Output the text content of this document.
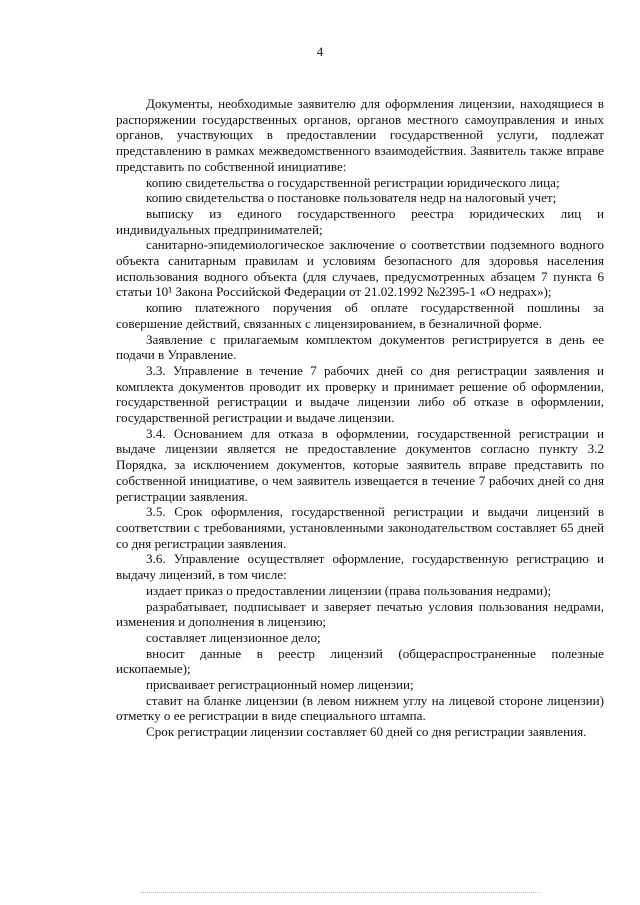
4

Документы, необходимые заявителю для оформления лицензии, находящиеся в распоряжении государственных органов, органов местного самоуправления и иных органов, участвующих в предоставлении государственной услуги, подлежат представлению в рамках межведомственного взаимодействия. Заявитель также вправе представить по собственной инициативе:

копию свидетельства о государственной регистрации юридического лица;

копию свидетельства о постановке пользователя недр на налоговый учет;

выписку из единого государственного реестра юридических лиц и индивидуальных предпринимателей;

санитарно-эпидемиологическое заключение о соответствии подземного водного объекта санитарным правилам и условиям безопасного для здоровья населения использования водного объекта (для случаев, предусмотренных абзацем 7 пункта 6 статьи 10¹ Закона Российской Федерации от 21.02.1992 №2395-1 «О недрах»);

копию платежного поручения об оплате государственной пошлины за совершение действий, связанных с лицензированием, в безналичной форме.

Заявление с прилагаемым комплектом документов регистрируется в день ее подачи в Управление.

3.3. Управление в течение 7 рабочих дней со дня регистрации заявления и комплекта документов проводит их проверку и принимает решение об оформлении, государственной регистрации и выдаче лицензии либо об отказе в оформлении, государственной регистрации и выдаче лицензии.

3.4. Основанием для отказа в оформлении, государственной регистрации и выдаче лицензии является не предоставление документов согласно пункту 3.2 Порядка, за исключением документов, которые заявитель вправе представить по собственной инициативе, о чем заявитель извещается в течение 7 рабочих дней со дня регистрации заявления.

3.5. Срок оформления, государственной регистрации и выдачи лицензий в соответствии с требованиями, установленными законодательством составляет 65 дней со дня регистрации заявления.

3.6. Управление осуществляет оформление, государственную регистрацию и выдачу лицензий, в том числе:

издает приказ о предоставлении лицензии (права пользования недрами);

разрабатывает, подписывает и заверяет печатью условия пользования недрами, изменения и дополнения в лицензию;

составляет лицензионное дело;

вносит данные в реестр лицензий (общераспространенные полезные ископаемые);

присваивает регистрационный номер лицензии;

ставит на бланке лицензии (в левом нижнем углу на лицевой стороне лицензии) отметку о ее регистрации в виде специального штампа.

Срок регистрации лицензии составляет 60 дней со дня регистрации заявления.
